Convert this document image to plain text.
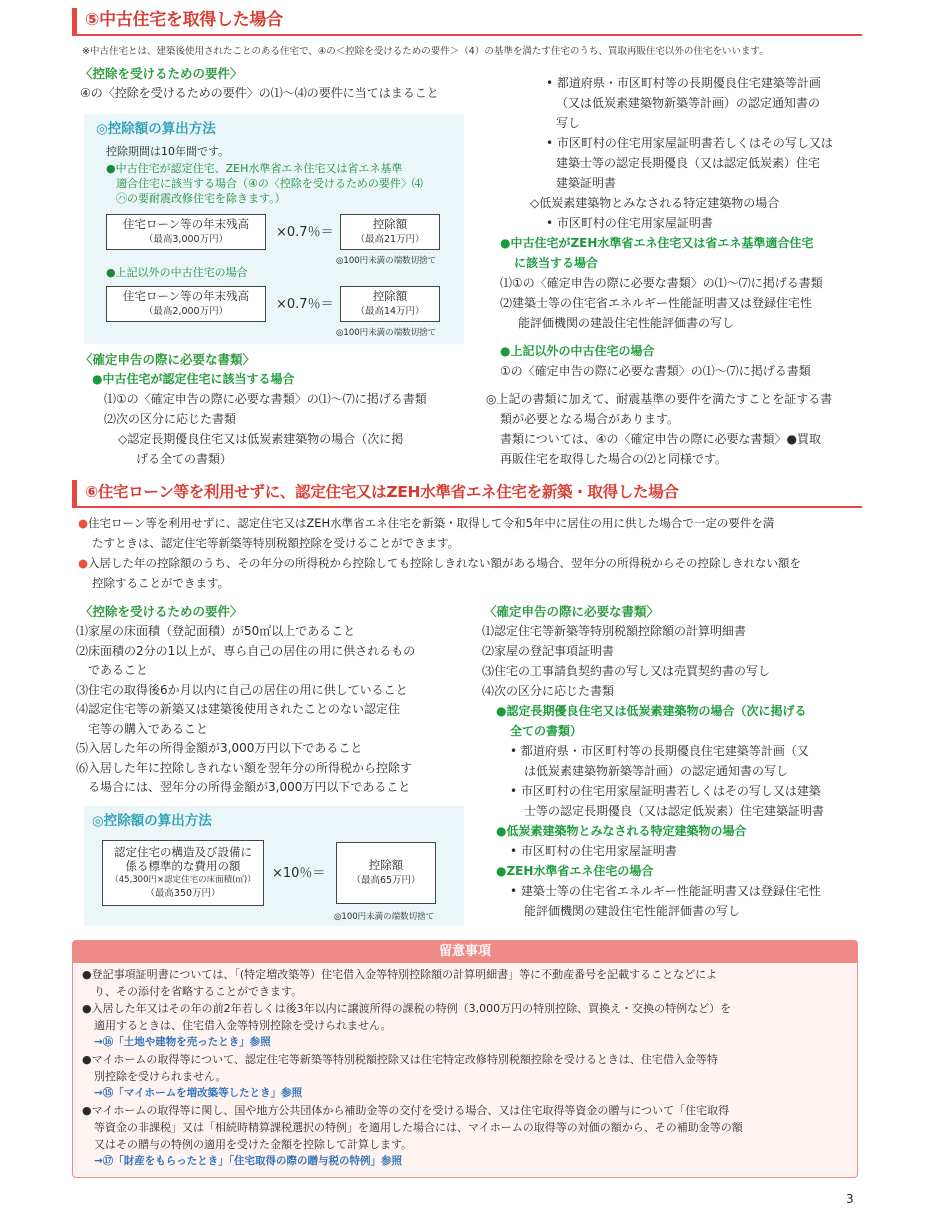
⑤中古住宅を取得した場合
※中古住宅とは、建築後使用されたことのある住宅で、④の＜控除を受けるための要件＞（4）の基準を満たす住宅のうち、買取再販住宅以外の住宅をいいます。
〈控除を受けるための要件〉
④の〈控除を受けるための要件〉の⑴～⑷の要件に当てはまること
◎控除額の算出方法
控除期間は10年間です。
●中古住宅が認定住宅、ZEH水準省エネ住宅又は省エネ基準
適合住宅に該当する場合（④の〈控除を受けるための要件〉⑷
㋩の要耐震改修住宅を除きます。）
住宅ローン等の年末残高
（最高3,000万円）	×0.7％＝
控除額
（最高21万円）
◎100円未満の端数切捨て
●上記以外の中古住宅の場合
住宅ローン等の年末残高
（最高2,000万円）	×0.7％＝
控除額
（最高14万円）
◎100円未満の端数切捨て
〈確定申告の際に必要な書類〉
●中古住宅が認定住宅に該当する場合
⑴①の〈確定申告の際に必要な書類〉の⑴～⑺に掲げる書類
⑵次の区分に応じた書類
◇認定長期優良住宅又は低炭素建築物の場合（次に掲
げる全ての書類）
• 都道府県・市区町村等の長期優良住宅建築等計画
（又は低炭素建築物新築等計画）の認定通知書の
写し
• 市区町村の住宅用家屋証明書若しくはその写し又は
建築士等の認定長期優良（又は認定低炭素）住宅
建築証明書
◇低炭素建築物とみなされる特定建築物の場合
• 市区町村の住宅用家屋証明書
●中古住宅がZEH水準省エネ住宅又は省エネ基準適合住宅
に該当する場合
⑴①の〈確定申告の際に必要な書類〉の⑴～⑺に掲げる書類
⑵建築士等の住宅省エネルギー性能証明書又は登録住宅性
能評価機関の建設住宅性能評価書の写し
●上記以外の中古住宅の場合
①の〈確定申告の際に必要な書類〉の⑴～⑺に掲げる書類
◎上記の書類に加えて、耐震基準の要件を満たすことを証する書
類が必要となる場合があります。
書類については、④の〈確定申告の際に必要な書類〉●買取
再販住宅を取得した場合の⑵と同様です。
⑥住宅ローン等を利用せずに、認定住宅又はZEH水準省エネ住宅を新築・取得した場合
●住宅ローン等を利用せずに、認定住宅又はZEH水準省エネ住宅を新築・取得して令和5年中に居住の用に供した場合で一定の要件を満
たすときは、認定住宅等新築等特別税額控除を受けることができます。
●入居した年の控除額のうち、その年分の所得税から控除しても控除しきれない額がある場合、翌年分の所得税からその控除しきれない額を
控除することができます。
〈控除を受けるための要件〉
⑴家屋の床面積（登記面積）が50㎡以上であること
⑵床面積の2分の1以上が、専ら自己の居住の用に供されるもの
　であること
⑶住宅の取得後6か月以内に自己の居住の用に供していること
⑷認定住宅等の新築又は建築後使用されたことのない認定住
　宅等の購入であること
⑸入居した年の所得金額が3,000万円以下であること
⑹入居した年に控除しきれない額を翌年分の所得税から控除す
　る場合には、翌年分の所得金額が3,000万円以下であること
◎控除額の算出方法
認定住宅の構造及び設備に
係る標準的な費用の額
（45,300円×認定住宅の床面積(㎡)）
（最高350万円）
×10％＝
控除額
（最高65万円）
◎100円未満の端数切捨て
〈確定申告の際に必要な書類〉
⑴認定住宅等新築等特別税額控除額の計算明細書
⑵家屋の登記事項証明書
⑶住宅の工事請負契約書の写し又は売買契約書の写し
⑷次の区分に応じた書類
●認定長期優良住宅又は低炭素建築物の場合（次に掲げる
全ての書類）
• 都道府県・市区町村等の長期優良住宅建築等計画（又
は低炭素建築物新築等計画）の認定通知書の写し
• 市区町村の住宅用家屋証明書若しくはその写し又は建築
士等の認定長期優良（又は認定低炭素）住宅建築証明書
●低炭素建築物とみなされる特定建築物の場合
• 市区町村の住宅用家屋証明書
●ZEH水準省エネ住宅の場合
• 建築士等の住宅省エネルギー性能証明書又は登録住宅性
能評価機関の建設住宅性能評価書の写し
留意事項
●登記事項証明書については、「(特定増改築等）住宅借入金等特別控除額の計算明細書」等に不動産番号を記載することなどによ
り、その添付を省略することができます。
●入居した年又はその年の前2年若しくは後3年以内に譲渡所得の課税の特例（3,000万円の特別控除、買換え・交換の特例など）を
適用するときは、住宅借入金等特別控除を受けられません。
→⑯「土地や建物を売ったとき」参照
●マイホームの取得等について、認定住宅等新築等特別税額控除又は住宅特定改修特別税額控除を受けるときは、住宅借入金等特
別控除を受けられません。
→⑮「マイホームを増改築等したとき」参照
●マイホームの取得等に関し、国や地方公共団体から補助金等の交付を受ける場合、又は住宅取得等資金の贈与について「住宅取得
等資金の非課税」又は「相続時精算課税選択の特例」を適用した場合には、マイホームの取得等の対価の額から、その補助金等の額
又はその贈与の特例の適用を受けた金額を控除して計算します。
→⑰「財産をもらったとき」「住宅取得の際の贈与税の特例」参照
3
